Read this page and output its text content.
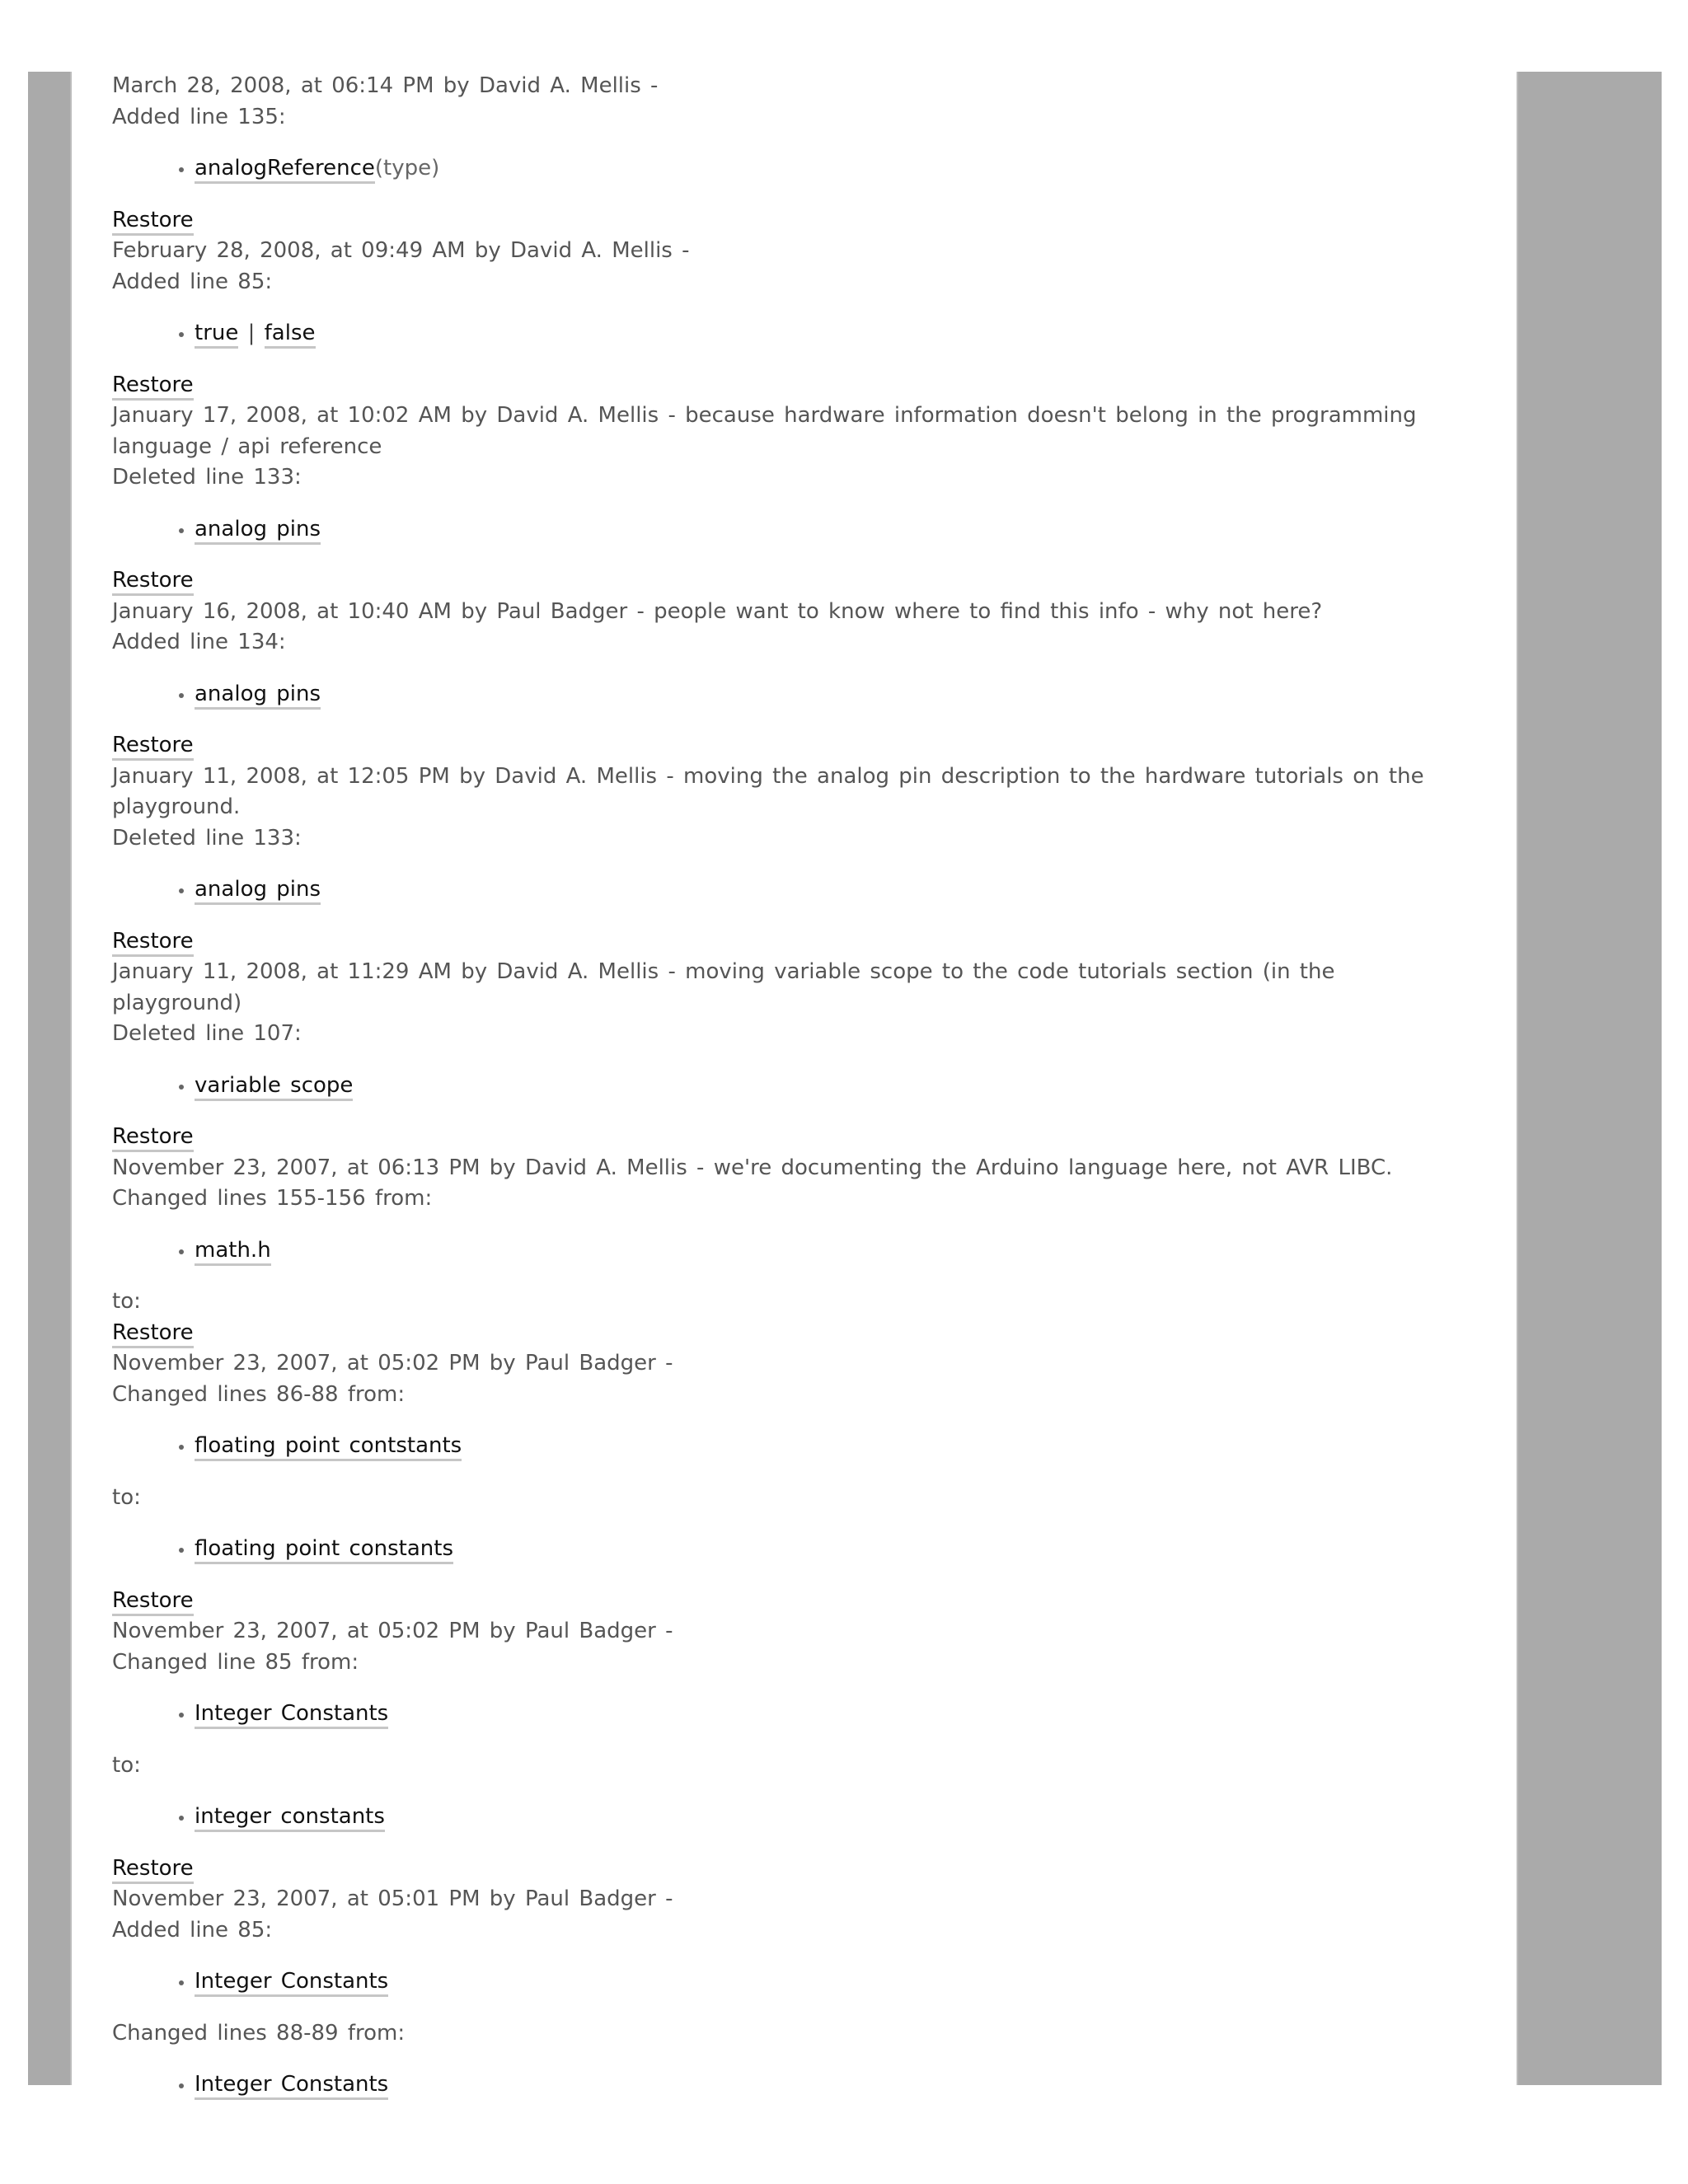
March 28, 2008, at 06:14 PM by David A. Mellis -
Added line 135:
• analogReference(type)
Restore
February 28, 2008, at 09:49 AM by David A. Mellis -
Added line 85:
• true | false
Restore
January 17, 2008, at 10:02 AM by David A. Mellis - because hardware information doesn't belong in the programming language / api reference
Deleted line 133:
• analog pins
Restore
January 16, 2008, at 10:40 AM by Paul Badger - people want to know where to find this info - why not here?
Added line 134:
• analog pins
Restore
January 11, 2008, at 12:05 PM by David A. Mellis - moving the analog pin description to the hardware tutorials on the playground.
Deleted line 133:
• analog pins
Restore
January 11, 2008, at 11:29 AM by David A. Mellis - moving variable scope to the code tutorials section (in the playground)
Deleted line 107:
• variable scope
Restore
November 23, 2007, at 06:13 PM by David A. Mellis - we're documenting the Arduino language here, not AVR LIBC.
Changed lines 155-156 from:
• math.h
to:
Restore
November 23, 2007, at 05:02 PM by Paul Badger -
Changed lines 86-88 from:
• floating point contstants
to:
• floating point constants
Restore
November 23, 2007, at 05:02 PM by Paul Badger -
Changed line 85 from:
• Integer Constants
to:
• integer constants
Restore
November 23, 2007, at 05:01 PM by Paul Badger -
Added line 85:
• Integer Constants
Changed lines 88-89 from:
• Integer Constants
